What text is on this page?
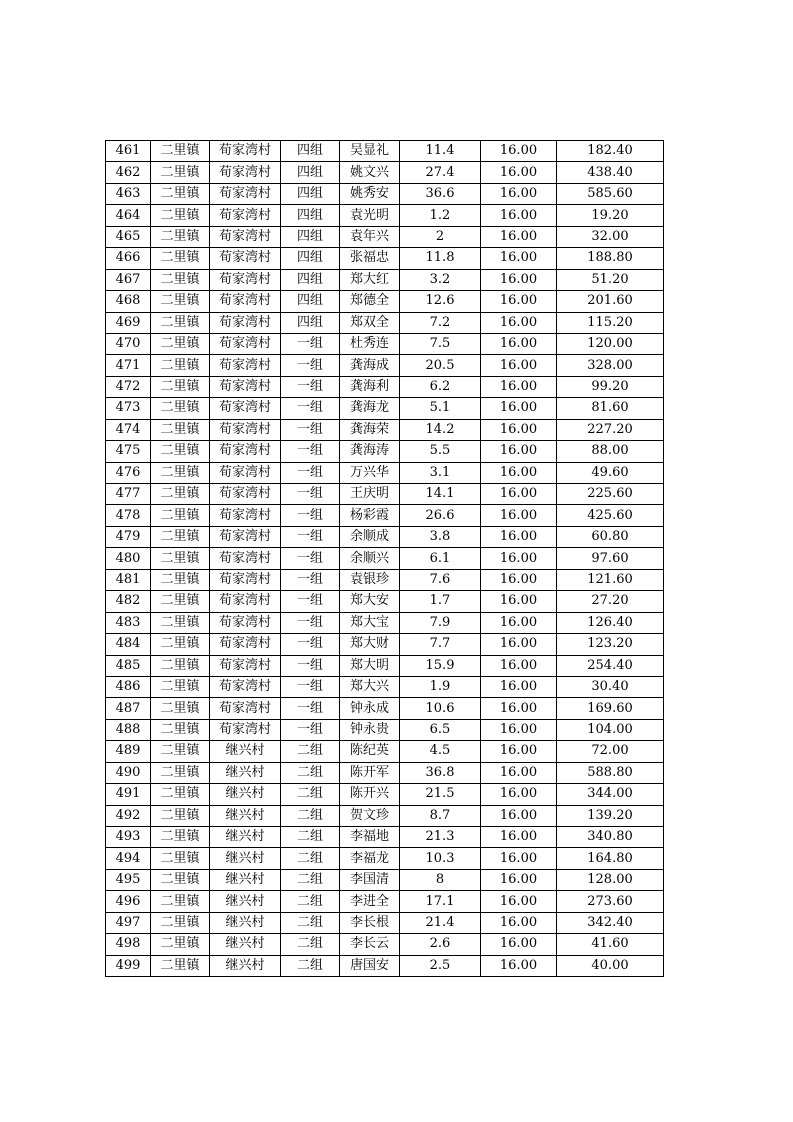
461	二里镇	荀家湾村	四组	吴显礼	11.4	16.00	182.40
462	二里镇	荀家湾村	四组	姚文兴	27.4	16.00	438.40
463	二里镇	荀家湾村	四组	姚秀安	36.6	16.00	585.60
464	二里镇	荀家湾村	四组	袁光明	1.2	16.00	19.20
465	二里镇	荀家湾村	四组	袁年兴	2	16.00	32.00
466	二里镇	荀家湾村	四组	张福忠	11.8	16.00	188.80
467	二里镇	荀家湾村	四组	郑大红	3.2	16.00	51.20
468	二里镇	荀家湾村	四组	郑德全	12.6	16.00	201.60
469	二里镇	荀家湾村	四组	郑双全	7.2	16.00	115.20
470	二里镇	荀家湾村	一组	杜秀连	7.5	16.00	120.00
471	二里镇	荀家湾村	一组	龚海成	20.5	16.00	328.00
472	二里镇	荀家湾村	一组	龚海利	6.2	16.00	99.20
473	二里镇	荀家湾村	一组	龚海龙	5.1	16.00	81.60
474	二里镇	荀家湾村	一组	龚海荣	14.2	16.00	227.20
475	二里镇	荀家湾村	一组	龚海涛	5.5	16.00	88.00
476	二里镇	荀家湾村	一组	万兴华	3.1	16.00	49.60
477	二里镇	荀家湾村	一组	王庆明	14.1	16.00	225.60
478	二里镇	荀家湾村	一组	杨彩霞	26.6	16.00	425.60
479	二里镇	荀家湾村	一组	余顺成	3.8	16.00	60.80
480	二里镇	荀家湾村	一组	余顺兴	6.1	16.00	97.60
481	二里镇	荀家湾村	一组	袁银珍	7.6	16.00	121.60
482	二里镇	荀家湾村	一组	郑大安	1.7	16.00	27.20
483	二里镇	荀家湾村	一组	郑大宝	7.9	16.00	126.40
484	二里镇	荀家湾村	一组	郑大财	7.7	16.00	123.20
485	二里镇	荀家湾村	一组	郑大明	15.9	16.00	254.40
486	二里镇	荀家湾村	一组	郑大兴	1.9	16.00	30.40
487	二里镇	荀家湾村	一组	钟永成	10.6	16.00	169.60
488	二里镇	荀家湾村	一组	钟永贵	6.5	16.00	104.00
489	二里镇	继兴村	二组	陈纪英	4.5	16.00	72.00
490	二里镇	继兴村	二组	陈开军	36.8	16.00	588.80
491	二里镇	继兴村	二组	陈开兴	21.5	16.00	344.00
492	二里镇	继兴村	二组	贺文珍	8.7	16.00	139.20
493	二里镇	继兴村	二组	李福地	21.3	16.00	340.80
494	二里镇	继兴村	二组	李福龙	10.3	16.00	164.80
495	二里镇	继兴村	二组	李国清	8	16.00	128.00
496	二里镇	继兴村	二组	李进全	17.1	16.00	273.60
497	二里镇	继兴村	二组	李长根	21.4	16.00	342.40
498	二里镇	继兴村	二组	李长云	2.6	16.00	41.60
499	二里镇	继兴村	二组	唐国安	2.5	16.00	40.00
